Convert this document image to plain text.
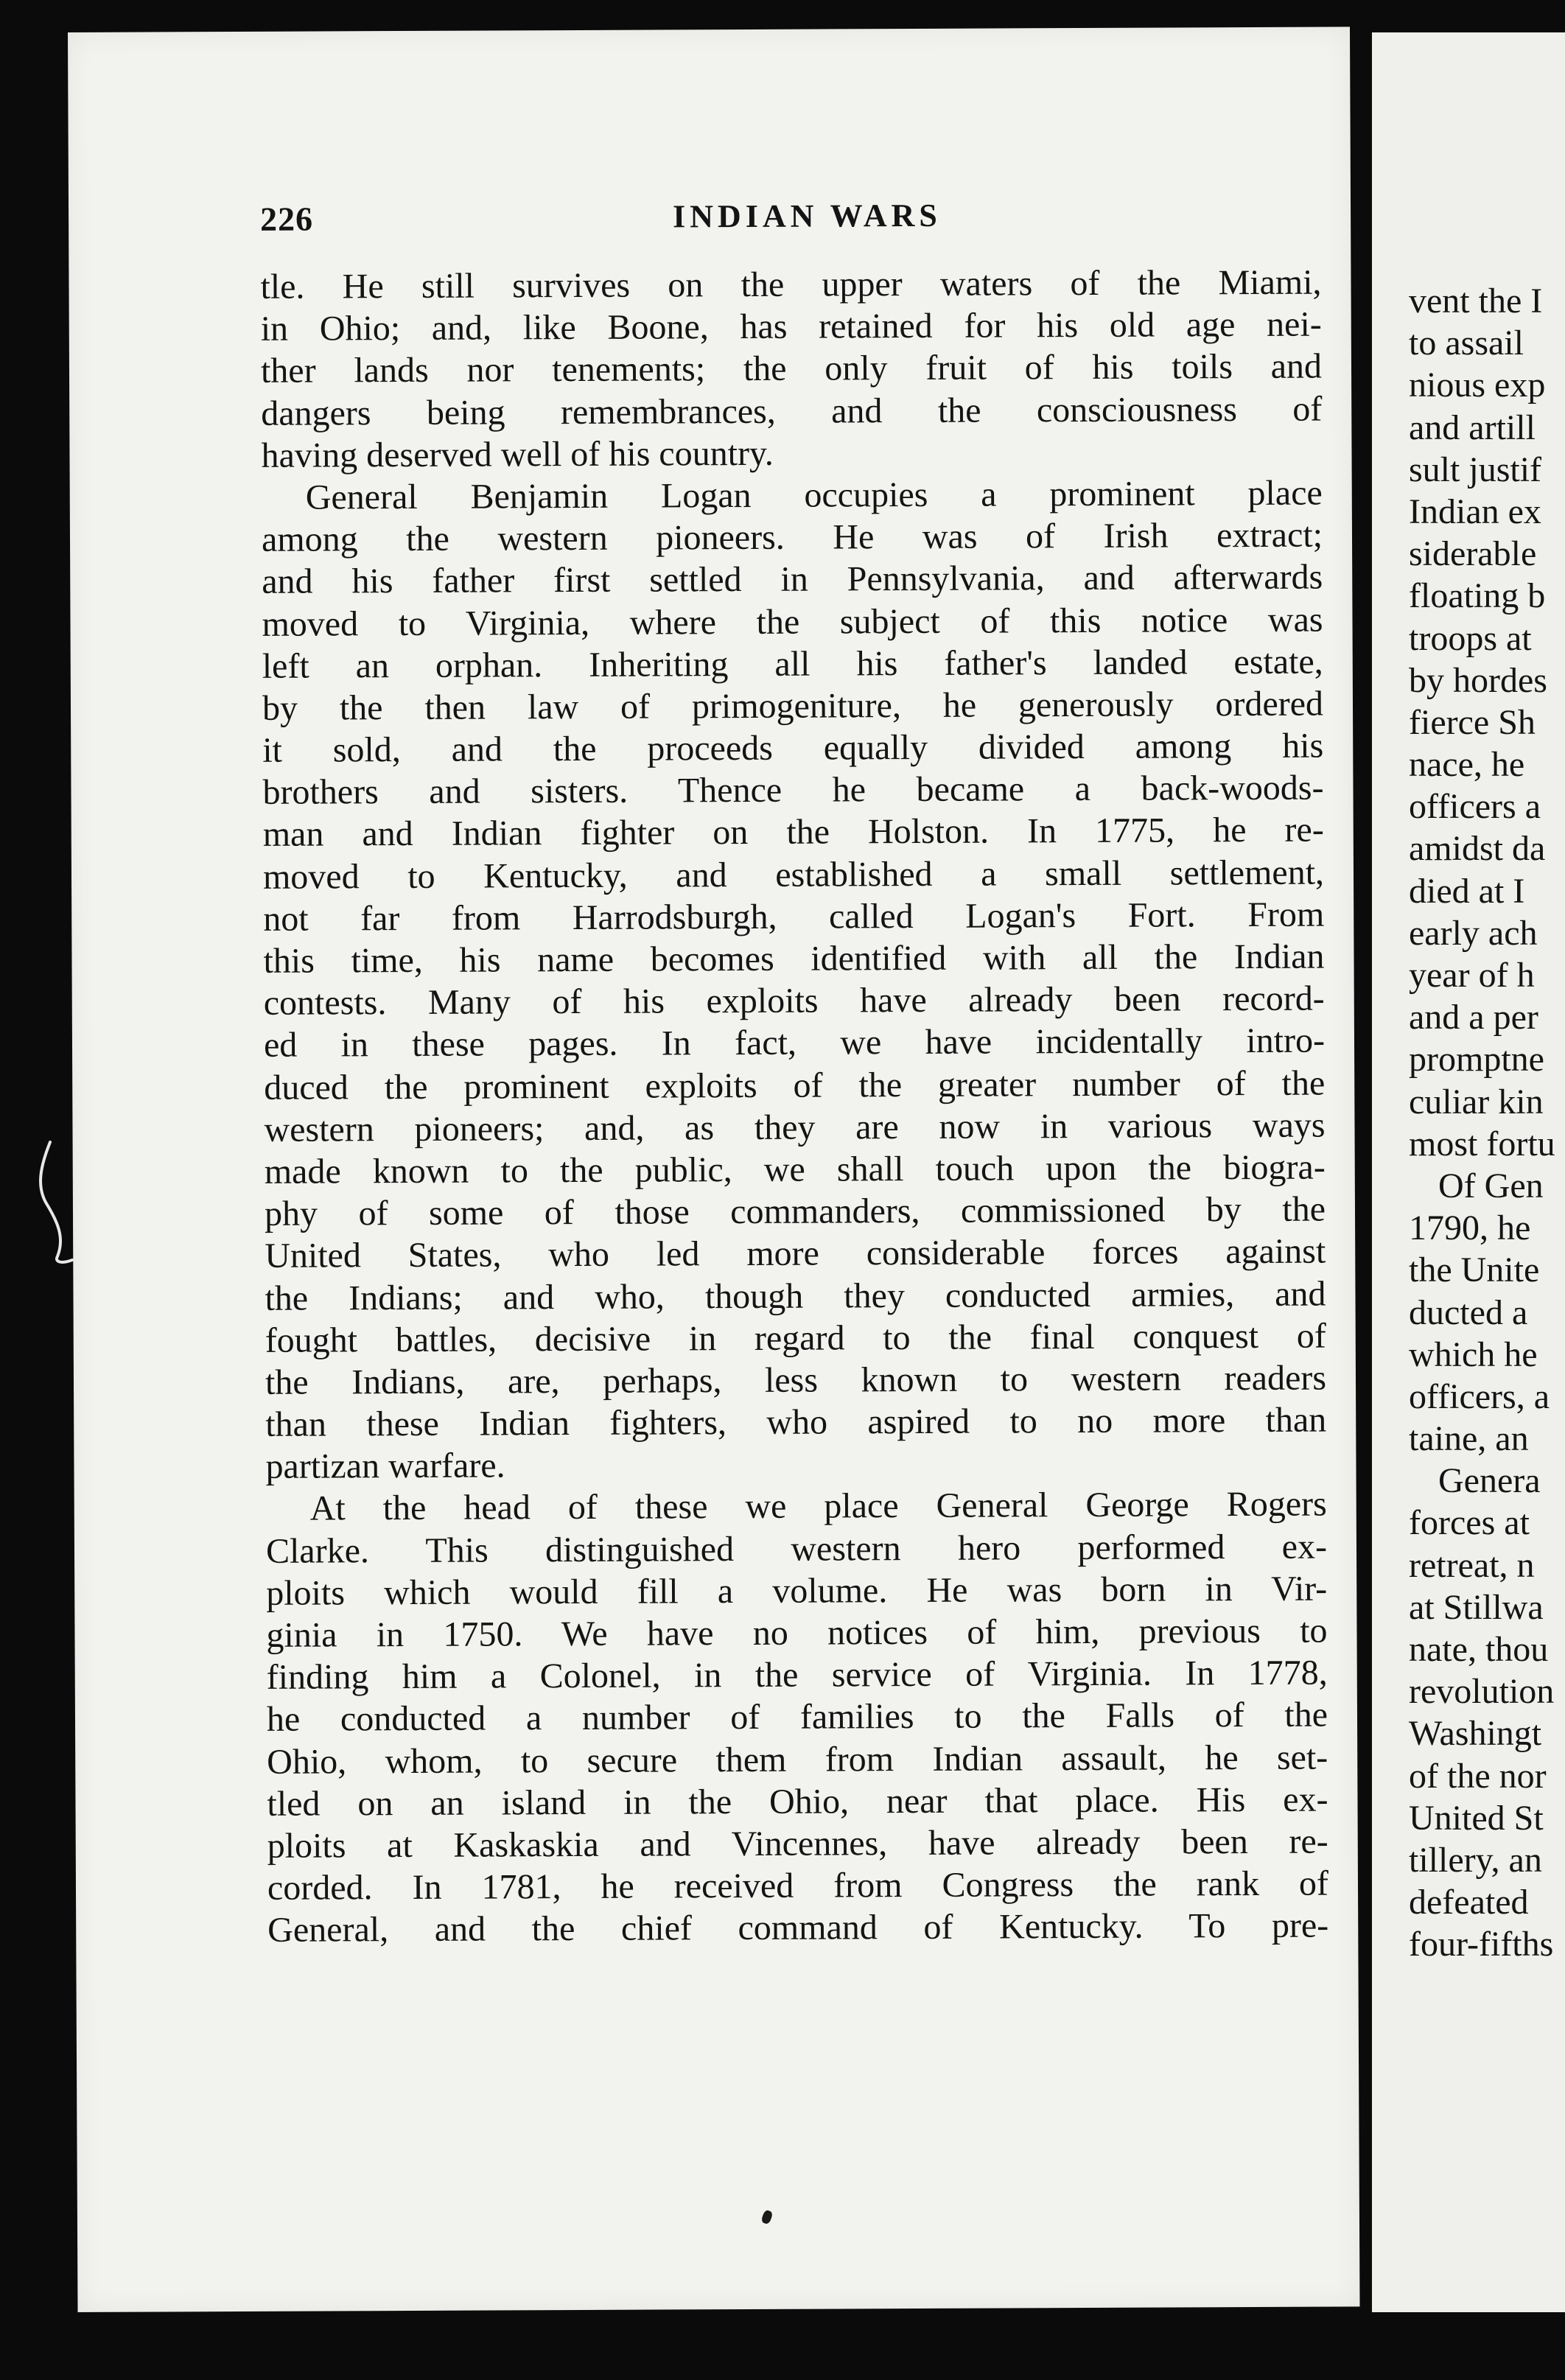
226	INDIAN WARS
tle. He still survives on the upper waters of the Miami,
in Ohio; and, like Boone, has retained for his old age nei-
ther lands nor tenements; the only fruit of his toils and
dangers being remembrances, and the consciousness of
having deserved well of his country.
General Benjamin Logan occupies a prominent place
among the western pioneers. He was of Irish extract;
and his father first settled in Pennsylvania, and afterwards
moved to Virginia, where the subject of this notice was
left an orphan. Inheriting all his father's landed estate,
by the then law of primogeniture, he generously ordered
it sold, and the proceeds equally divided among his
brothers and sisters. Thence he became a back-woods-
man and Indian fighter on the Holston. In 1775, he re-
moved to Kentucky, and established a small settlement,
not far from Harrodsburgh, called Logan's Fort. From
this time, his name becomes identified with all the Indian
contests. Many of his exploits have already been record-
ed in these pages. In fact, we have incidentally intro-
duced the prominent exploits of the greater number of the
western pioneers; and, as they are now in various ways
made known to the public, we shall touch upon the biogra-
phy of some of those commanders, commissioned by the
United States, who led more considerable forces against
the Indians; and who, though they conducted armies, and
fought battles, decisive in regard to the final conquest of
the Indians, are, perhaps, less known to western readers
than these Indian fighters, who aspired to no more than
partizan warfare.
At the head of these we place General George Rogers
Clarke. This distinguished western hero performed ex-
ploits which would fill a volume. He was born in Vir-
ginia in 1750. We have no notices of him, previous to
finding him a Colonel, in the service of Virginia. In 1778,
he conducted a number of families to the Falls of the
Ohio, whom, to secure them from Indian assault, he set-
tled on an island in the Ohio, near that place. His ex-
ploits at Kaskaskia and Vincennes, have already been re-
corded. In 1781, he received from Congress the rank of
General, and the chief command of Kentucky. To pre-
vent the I
to assail
nious exp
and artill
sult justif
Indian ex
siderable
floating b
troops at
by hordes
fierce Sh
nace, he
officers a
amidst da
died at I
early ach
year of h
and a per
promptne
culiar kin
most fortu
Of Gen
1790, he
the Unite
ducted a
which he
officers, a
taine, an
Genera
forces at
retreat, n
at Stillwa
nate, thou
revolution
Washingt
of the nor
United St
tillery, an
defeated
four-fifths
